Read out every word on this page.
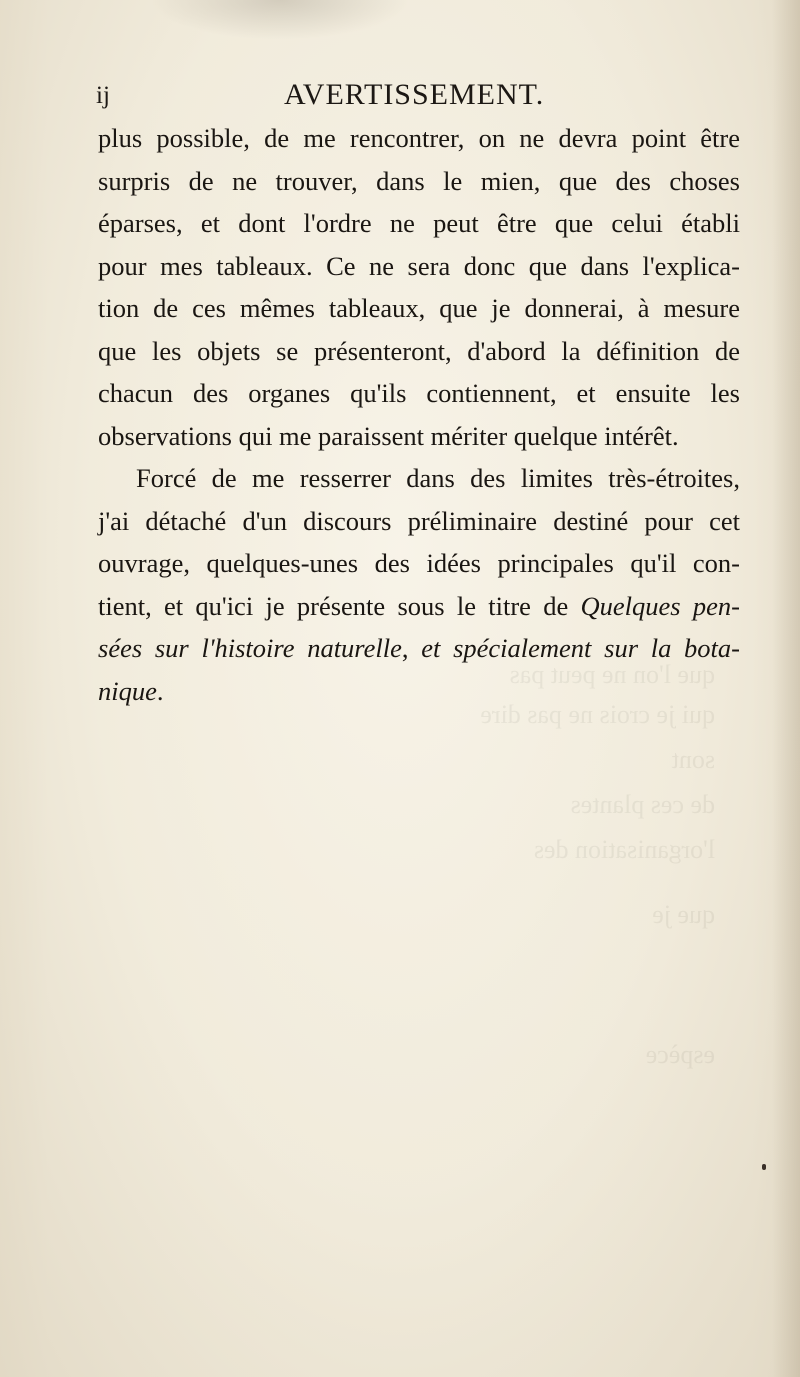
que l'on ne peut pas
qui je crois ne pas dire
sont
de ces plantes
l'organisation des
que je
espèce
ij	AVERTISSEMENT.
plus possible, de me rencontrer, on ne devra point être
surpris de ne trouver, dans le mien, que des choses
éparses, et dont l'ordre ne peut être que celui établi
pour mes tableaux. Ce ne sera donc que dans l'explica-
tion de ces mêmes tableaux, que je donnerai, à mesure
que les objets se présenteront, d'abord la définition de
chacun des organes qu'ils contiennent, et ensuite les
observations qui me paraissent mériter quelque intérêt.
Forcé de me resserrer dans des limites très-étroites,
j'ai détaché d'un discours préliminaire destiné pour cet
ouvrage, quelques-unes des idées principales qu'il con-
tient, et qu'ici je présente sous le titre de Quelques pen-
sées sur l'histoire naturelle, et spécialement sur la bota-
nique.
